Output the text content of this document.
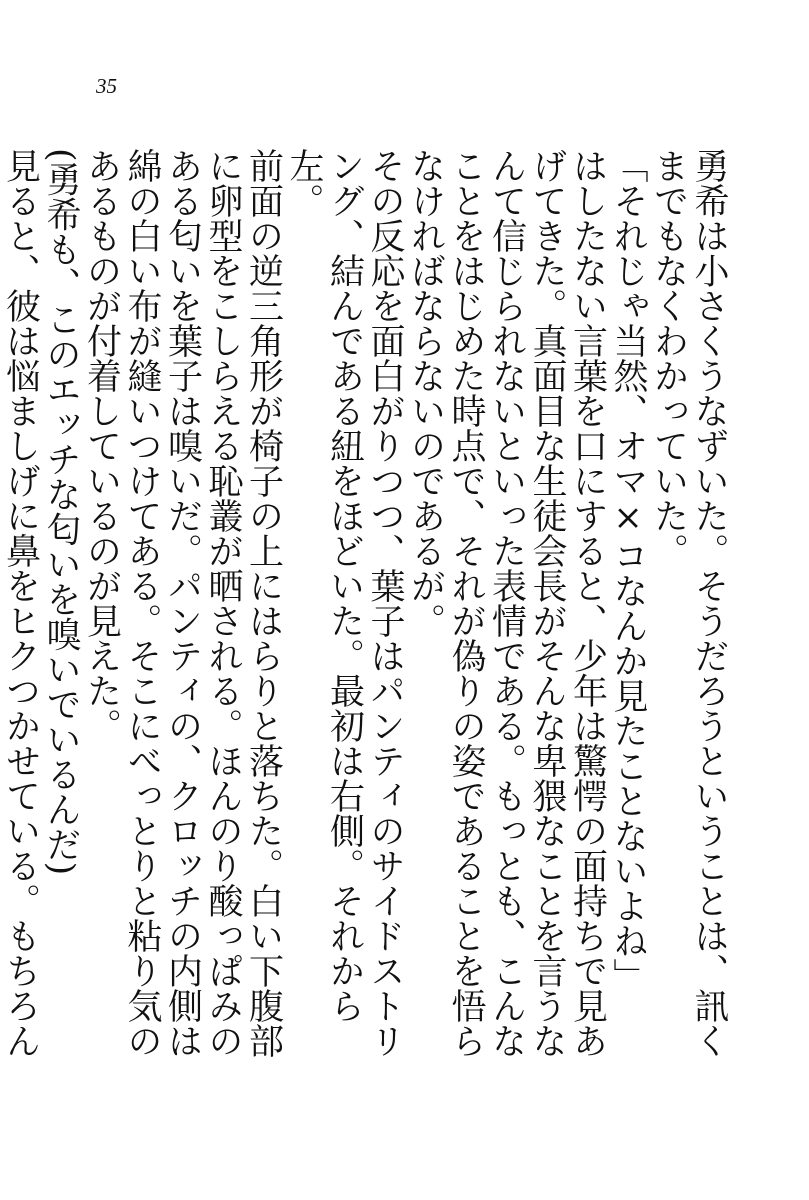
35

勇希は小さくうなずいた。そうだろうということは、訊くまでもなくわかっていた。

「それじゃ当然、オマ×コなんか見たことないよね」

はしたない言葉を口にすると、少年は驚愕の面持ちで見あげてきた。真面目な生徒会長がそんな卑猥なことを言うなんて信じられないといった表情である。もっとも、こんなことをはじめた時点で、それが偽りの姿であることを悟らなければならないのであるが。

その反応を面白がりつつ、葉子はパンティのサイドストリング、結んである紐をほどいた。最初は右側。それから左。

前面の逆三角形が椅子の上にはらりと落ちた。白い下腹部に卵型をこしらえる恥叢が晒される。ほんのり酸っぱみのある匂いを葉子は嗅いだ。パンティの、クロッチの内側は綿の白い布が縫いつけてある。そこにべっとりと粘り気のあるものが付着しているのが見えた。

(勇希も、このエッチな匂いを嗅いでいるんだ)

見ると、彼は悩ましげに鼻をヒクつかせている。もちろん
